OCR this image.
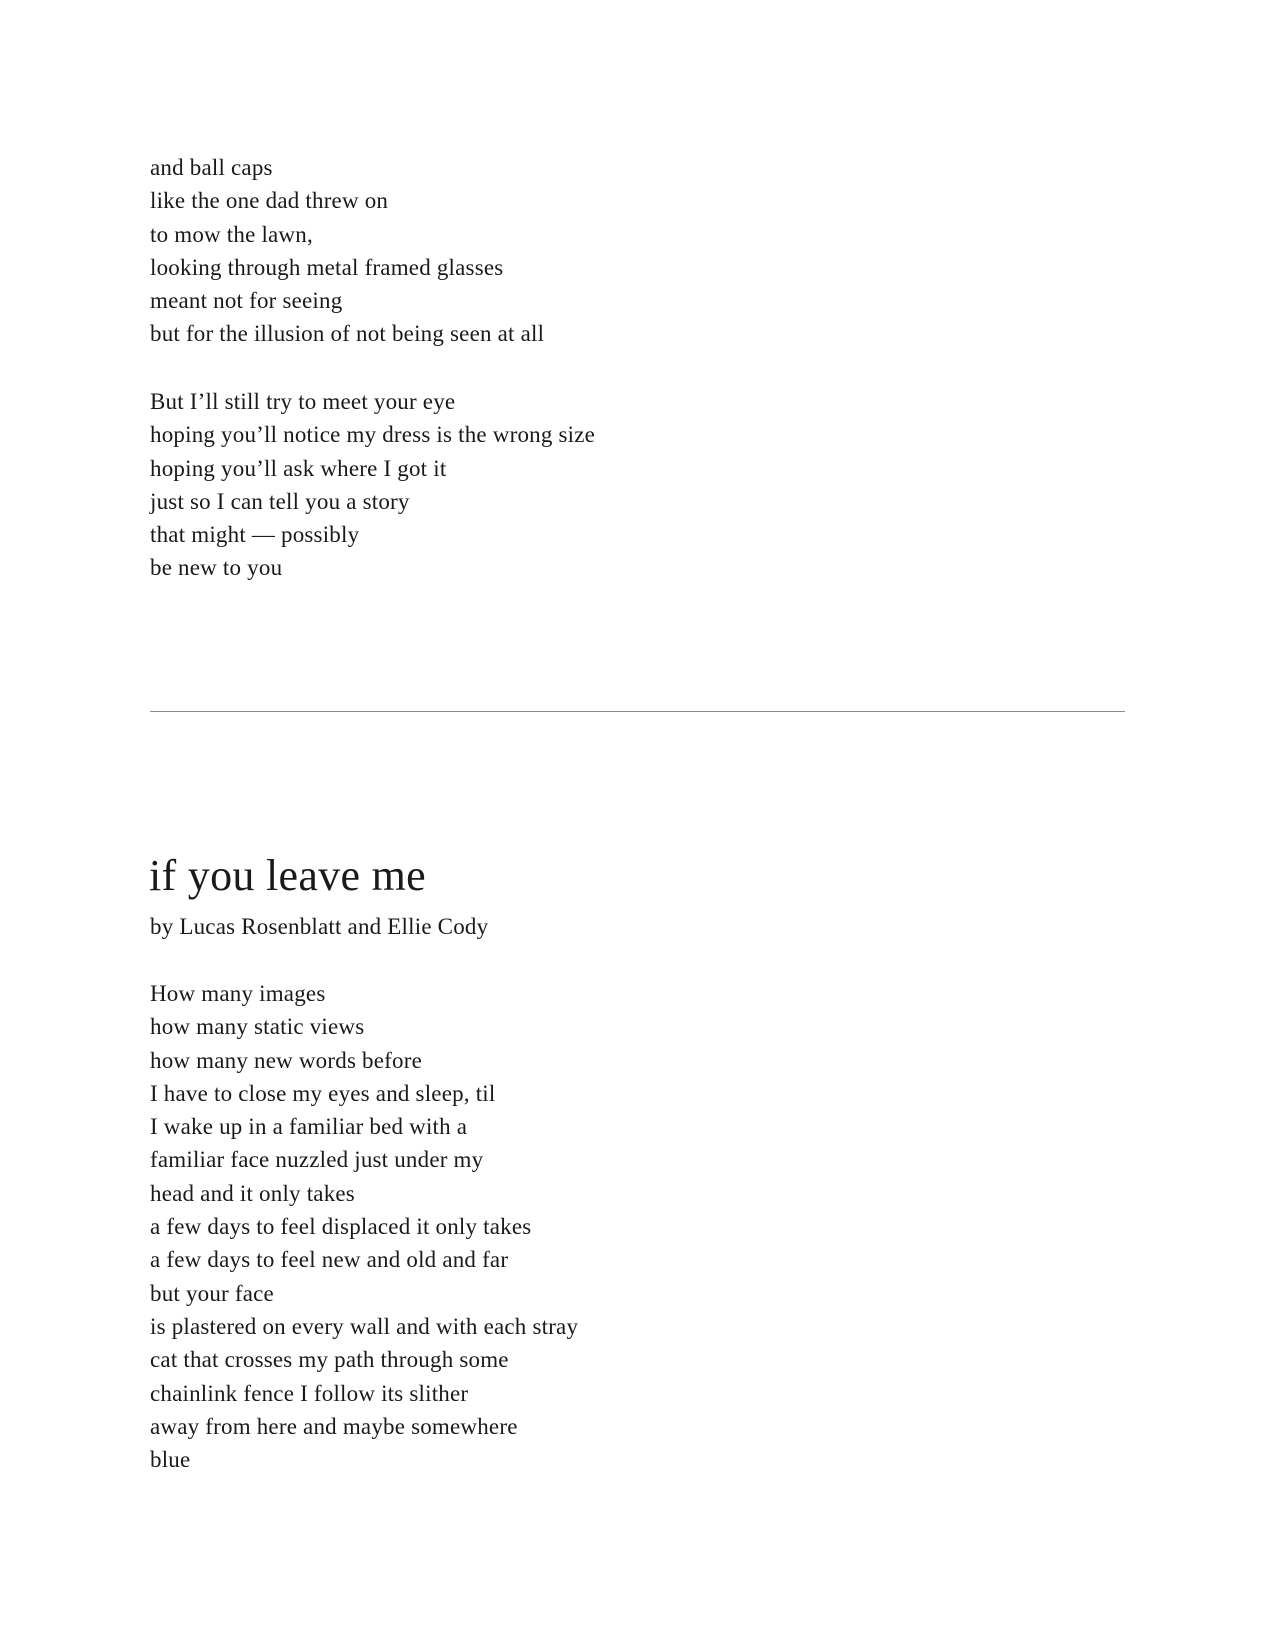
and ball caps
like the one dad threw on
to mow the lawn,
looking through metal framed glasses
meant not for seeing
but for the illusion of not being seen at all
But I’ll still try to meet your eye
hoping you’ll notice my dress is the wrong size
hoping you’ll ask where I got it
just so I can tell you a story
that might — possibly
be new to you
if you leave me

by Lucas Rosenblatt and Ellie Cody

How many images
how many static views
how many new words before
I have to close my eyes and sleep, til
I wake up in a familiar bed with a
familiar face nuzzled just under my
head and it only takes
a few days to feel displaced it only takes
a few days to feel new and old and far
but your face
is plastered on every wall and with each stray
cat that crosses my path through some
chainlink fence I follow its slither
away from here and maybe somewhere
blue
